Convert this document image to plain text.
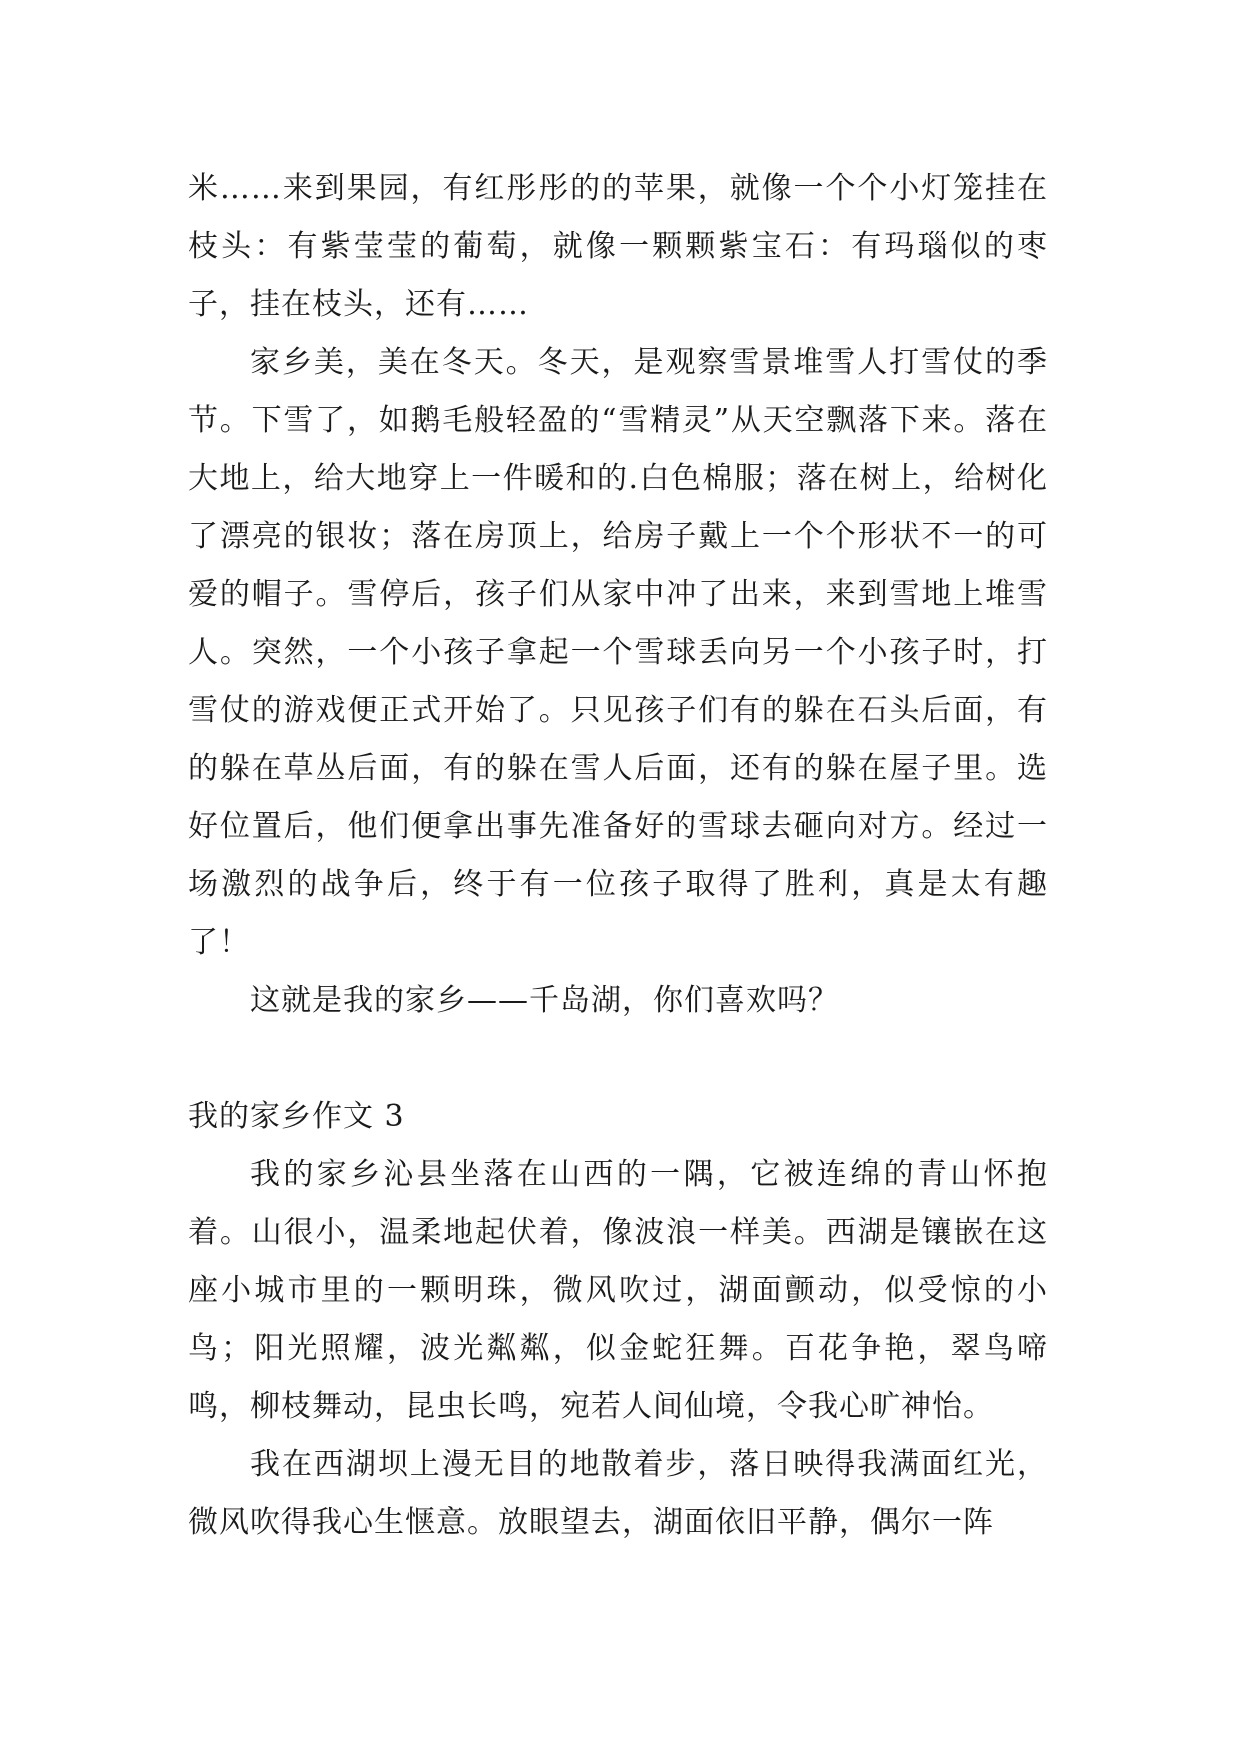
米……来到果园，有红彤彤的的苹果，就像一个个小灯笼挂在枝头：有紫莹莹的葡萄，就像一颗颗紫宝石：有玛瑙似的枣子，挂在枝头，还有……

家乡美，美在冬天。冬天，是观察雪景堆雪人打雪仗的季节。下雪了，如鹅毛般轻盈的“雪精灵”从天空飘落下来。落在大地上，给大地穿上一件暖和的.白色棉服；落在树上，给树化了漂亮的银妆；落在房顶上，给房子戴上一个个形状不一的可爱的帽子。雪停后，孩子们从家中冲了出来，来到雪地上堆雪人。突然，一个小孩子拿起一个雪球丢向另一个小孩子时，打雪仗的游戏便正式开始了。只见孩子们有的躲在石头后面，有的躲在草丛后面，有的躲在雪人后面，还有的躲在屋子里。选好位置后，他们便拿出事先准备好的雪球去砸向对方。经过一场激烈的战争后，终于有一位孩子取得了胜利，真是太有趣了！

这就是我的家乡——千岛湖，你们喜欢吗？

我的家乡作文 3

我的家乡沁县坐落在山西的一隅，它被连绵的青山怀抱着。山很小，温柔地起伏着，像波浪一样美。西湖是镶嵌在这座小城市里的一颗明珠，微风吹过，湖面颤动，似受惊的小鸟；阳光照耀，波光粼粼，似金蛇狂舞。百花争艳，翠鸟啼鸣，柳枝舞动，昆虫长鸣，宛若人间仙境，令我心旷神怡。

我在西湖坝上漫无目的地散着步，落日映得我满面红光，微风吹得我心生惬意。放眼望去，湖面依旧平静，偶尔一阵
